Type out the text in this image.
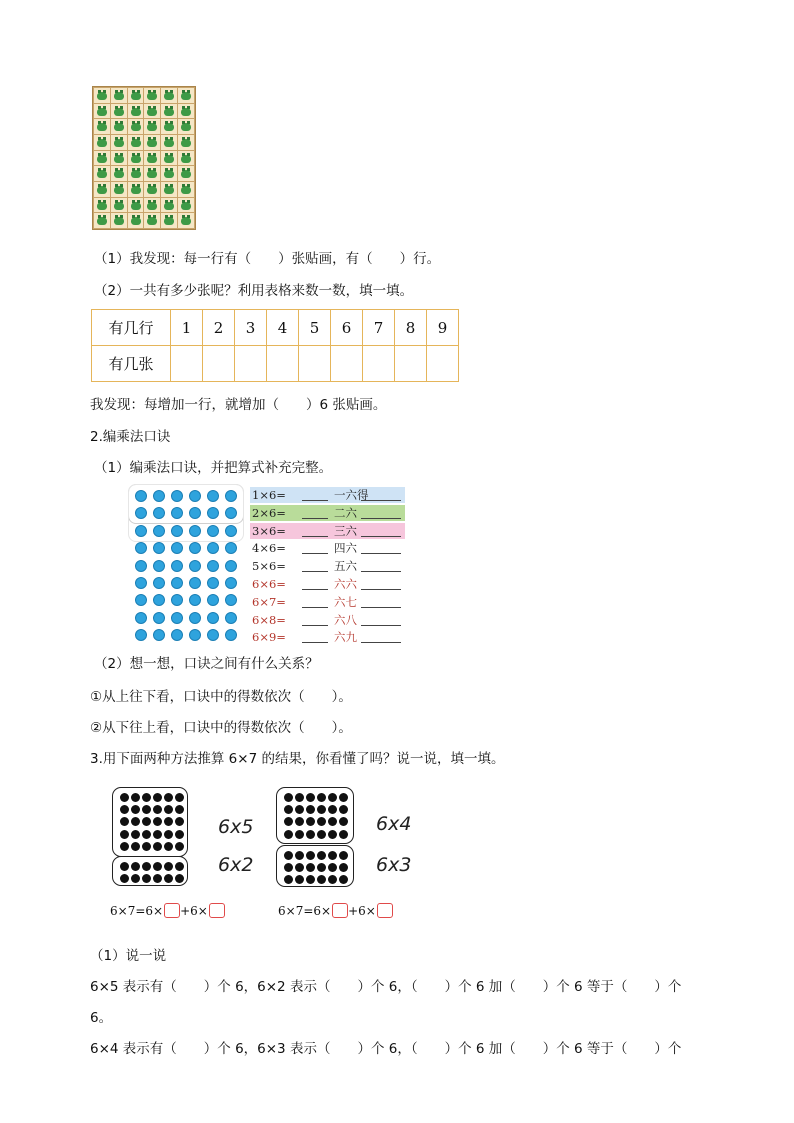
（1）我发现：每一行有（　　）张贴画，有（　　）行。
（2）一共有多少张呢？利用表格来数一数，填一填。
有几行	1	2	3	4	5	6	7	8	9
有几张									
我发现：每增加一行，就增加（　　）6 张贴画。
2.编乘法口诀
（1）编乘法口诀，并把算式补充完整。
1×6=	一六得
2×6=	二六
3×6=	三六
4×6=	四六
5×6=	五六
6×6=	六六
6×7=	六七
6×8=	六八
6×9=	六九
（2）想一想，口诀之间有什么关系？
①从上往下看，口诀中的得数依次（　　）。
②从下往上看，口诀中的得数依次（　　）。
3.用下面两种方法推算 6×7 的结果，你看懂了吗？说一说，填一填。
6x5
6x2
6x4
6x3
6×7=6× +6×	6×7=6× +6×
（1）说一说
6×5 表示有（　　）个 6，6×2 表示（　　）个 6，（　　）个 6 加（　　）个 6 等于（　　）个
6。
6×4 表示有（　　）个 6，6×3 表示（　　）个 6，（　　）个 6 加（　　）个 6 等于（　　）个
